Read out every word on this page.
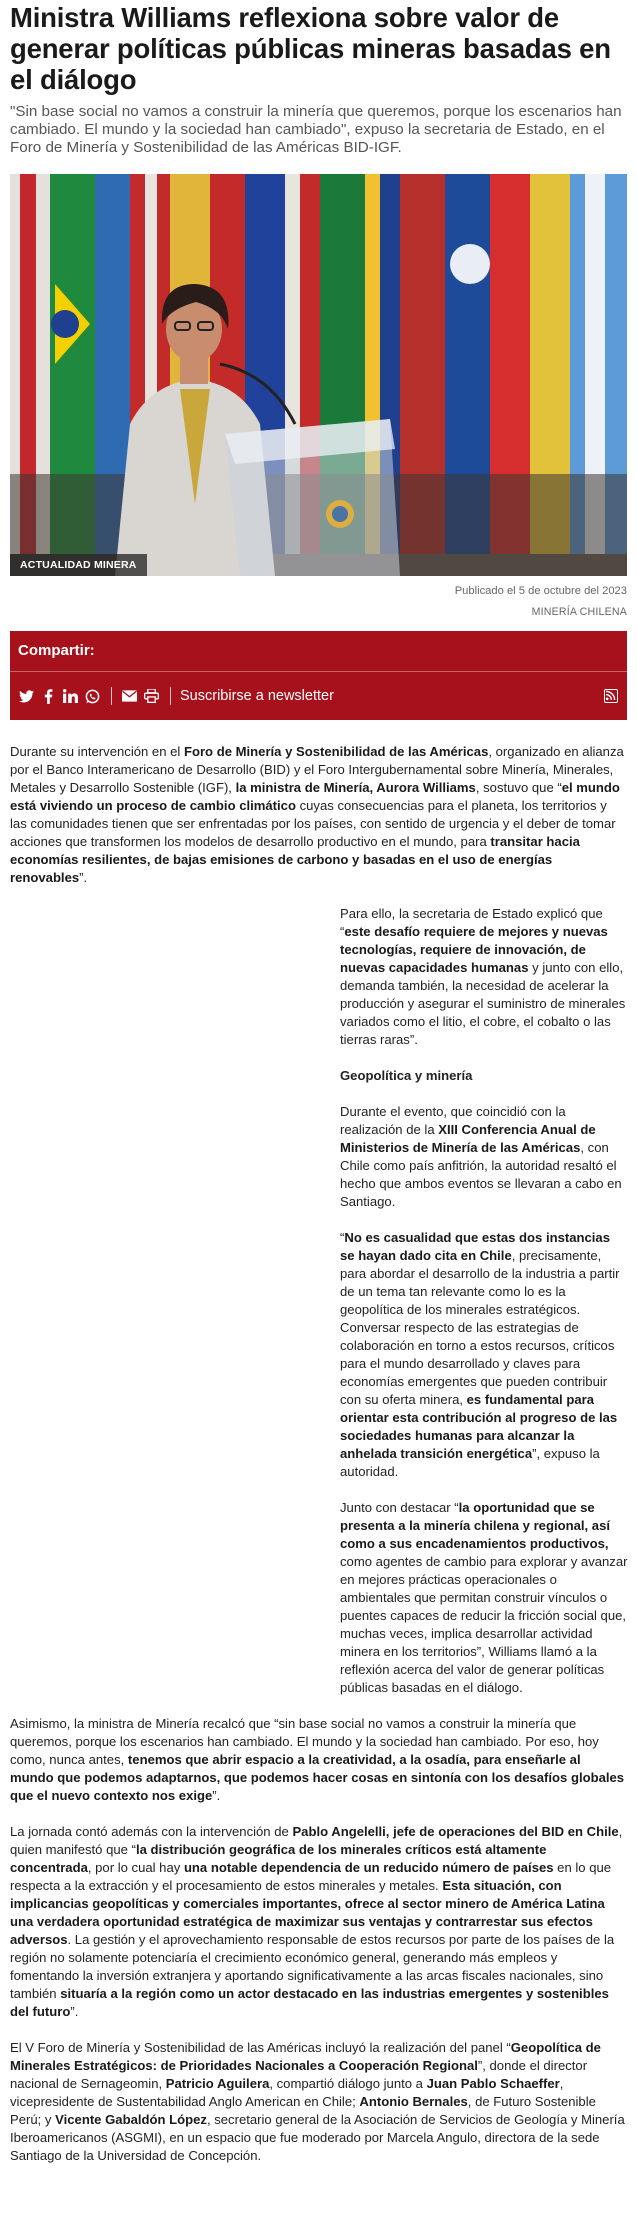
Ministra Williams reflexiona sobre valor de generar políticas públicas mineras basadas en el diálogo

"Sin base social no vamos a construir la minería que queremos, porque los escenarios han cambiado. El mundo y la sociedad han cambiado", expuso la secretaria de Estado, en el Foro de Minería y Sostenibilidad de las Américas BID-IGF.

ACTUALIDAD MINERA
Publicado el 5 de octubre del 2023
MINERÍA CHILENA
Compartir:
Suscribirse a newsletter

Durante su intervención en el Foro de Minería y Sostenibilidad de las Américas, organizado en alianza por el Banco Interamericano de Desarrollo (BID) y el Foro Intergubernamental sobre Minería, Minerales, Metales y Desarrollo Sostenible (IGF), la ministra de Minería, Aurora Williams, sostuvo que “el mundo está viviendo un proceso de cambio climático cuyas consecuencias para el planeta, los territorios y las comunidades tienen que ser enfrentadas por los países, con sentido de urgencia y el deber de tomar acciones que transformen los modelos de desarrollo productivo en el mundo, para transitar hacia economías resilientes, de bajas emisiones de carbono y basadas en el uso de energías renovables”.

Para ello, la secretaria de Estado explicó que “este desafío requiere de mejores y nuevas tecnologías, requiere de innovación, de nuevas capacidades humanas y junto con ello, demanda también, la necesidad de acelerar la producción y asegurar el suministro de minerales variados como el litio, el cobre, el cobalto o las tierras raras”.

Geopolítica y minería

Durante el evento, que coincidió con la realización de la XIII Conferencia Anual de Ministerios de Minería de las Américas, con Chile como país anfitrión, la autoridad resaltó el hecho que ambos eventos se llevaran a cabo en Santiago.

“No es casualidad que estas dos instancias se hayan dado cita en Chile, precisamente, para abordar el desarrollo de la industria a partir de un tema tan relevante como lo es la geopolítica de los minerales estratégicos. Conversar respecto de las estrategias de colaboración en torno a estos recursos, críticos para el mundo desarrollado y claves para economías emergentes que pueden contribuir con su oferta minera, es fundamental para orientar esta contribución al progreso de las sociedades humanas para alcanzar la anhelada transición energética”, expuso la autoridad.

Junto con destacar “la oportunidad que se presenta a la minería chilena y regional, así como a sus encadenamientos productivos, como agentes de cambio para explorar y avanzar en mejores prácticas operacionales o ambientales que permitan construir vínculos o puentes capaces de reducir la fricción social que, muchas veces, implica desarrollar actividad minera en los territorios”, Williams llamó a la reflexión acerca del valor de generar políticas públicas basadas en el diálogo.

Asimismo, la ministra de Minería recalcó que “sin base social no vamos a construir la minería que queremos, porque los escenarios han cambiado. El mundo y la sociedad han cambiado. Por eso, hoy como, nunca antes, tenemos que abrir espacio a la creatividad, a la osadía, para enseñarle al mundo que podemos adaptarnos, que podemos hacer cosas en sintonía con los desafíos globales que el nuevo contexto nos exige”.

La jornada contó además con la intervención de Pablo Angelelli, jefe de operaciones del BID en Chile, quien manifestó que “la distribución geográfica de los minerales críticos está altamente concentrada, por lo cual hay una notable dependencia de un reducido número de países en lo que respecta a la extracción y el procesamiento de estos minerales y metales. Esta situación, con implicancias geopolíticas y comerciales importantes, ofrece al sector minero de América Latina una verdadera oportunidad estratégica de maximizar sus ventajas y contrarrestar sus efectos adversos. La gestión y el aprovechamiento responsable de estos recursos por parte de los países de la región no solamente potenciaría el crecimiento económico general, generando más empleos y fomentando la inversión extranjera y aportando significativamente a las arcas fiscales nacionales, sino también situaría a la región como un actor destacado en las industrias emergentes y sostenibles del futuro”.

El V Foro de Minería y Sostenibilidad de las Américas incluyó la realización del panel “Geopolítica de Minerales Estratégicos: de Prioridades Nacionales a Cooperación Regional”, donde el director nacional de Sernageomin, Patricio Aguilera, compartió diálogo junto a Juan Pablo Schaeffer, vicepresidente de Sustentabilidad Anglo American en Chile; Antonio Bernales, de Futuro Sostenible Perú; y Vicente Gabaldón López, secretario general de la Asociación de Servicios de Geología y Minería Iberoamericanos (ASGMI), en un espacio que fue moderado por Marcela Angulo, directora de la sede Santiago de la Universidad de Concepción.
